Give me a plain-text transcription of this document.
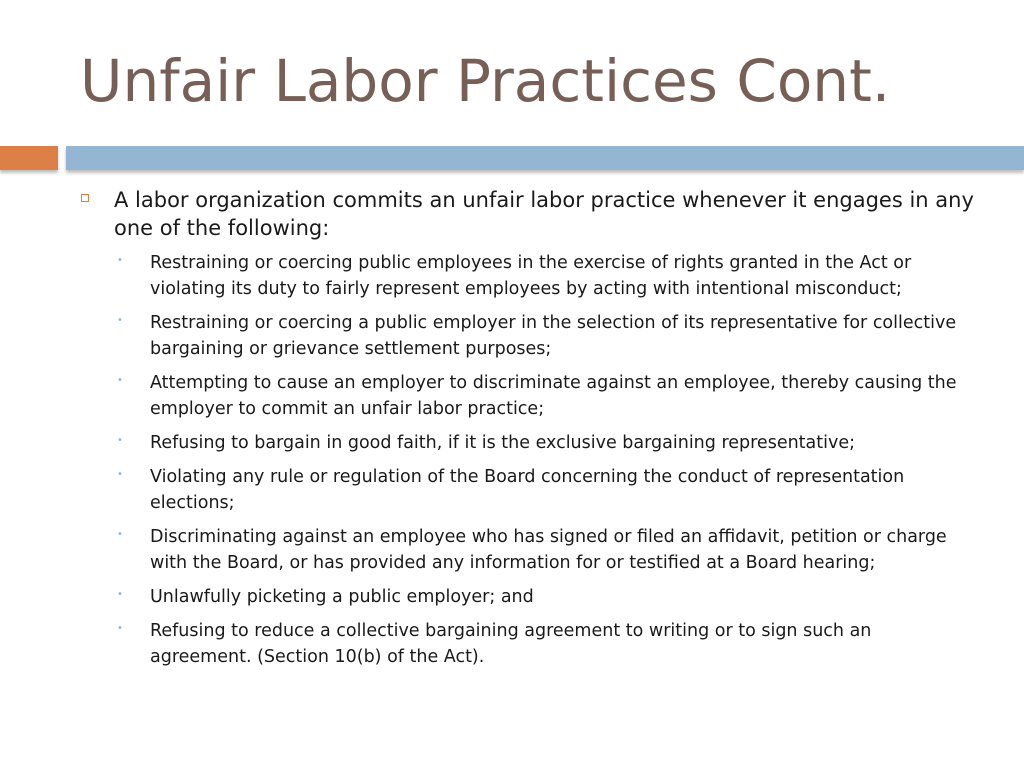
Unfair Labor Practices Cont.
A labor organization commits an unfair labor practice whenever it engages in any one of the following:
• Restraining or coercing public employees in the exercise of rights granted in the Act or violating its duty to fairly represent employees by acting with intentional misconduct;
• Restraining or coercing a public employer in the selection of its representative for collective bargaining or grievance settlement purposes;
• Attempting to cause an employer to discriminate against an employee, thereby causing the employer to commit an unfair labor practice;
• Refusing to bargain in good faith, if it is the exclusive bargaining representative;
• Violating any rule or regulation of the Board concerning the conduct of representation elections;
• Discriminating against an employee who has signed or filed an affidavit, petition or charge with the Board, or has provided any information for or testified at a Board hearing;
• Unlawfully picketing a public employer; and
• Refusing to reduce a collective bargaining agreement to writing or to sign such an agreement. (Section 10(b) of the Act).
